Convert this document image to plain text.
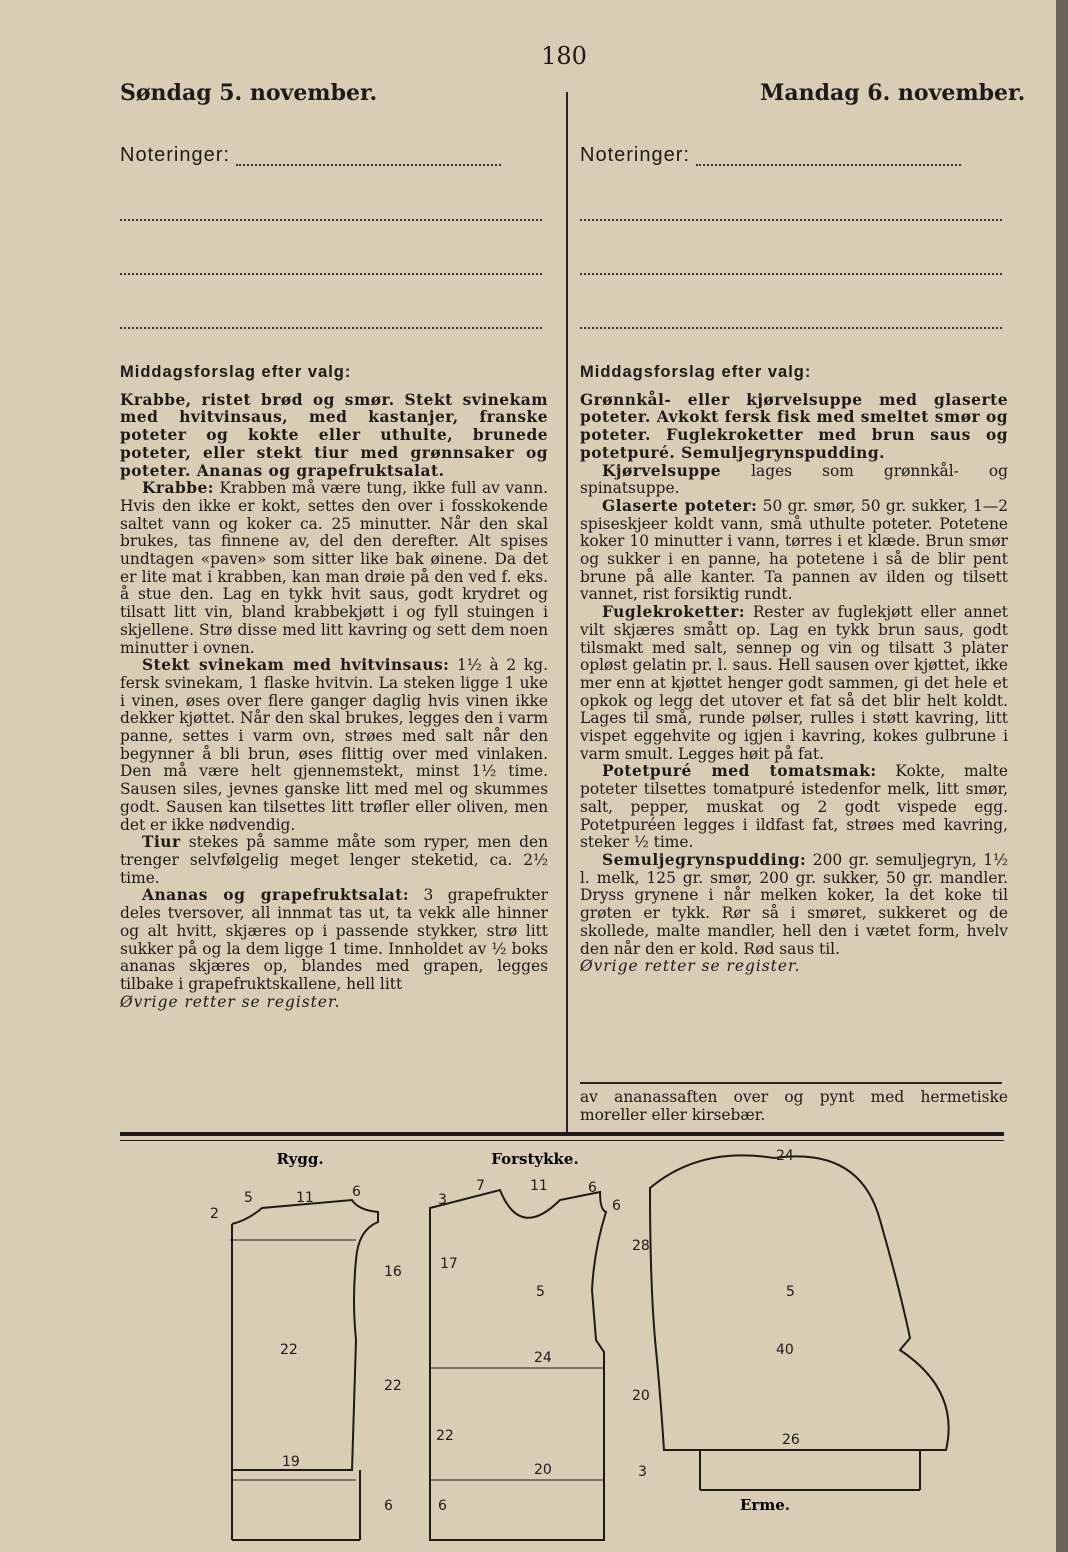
180
Søndag 5. november.	Mandag 6. november.
Noteringer:	Noteringer:
Middagsforslag efter valg:

Krabbe, ristet brød og smør. Stekt svinekam med hvitvinsaus, med kastanjer, franske poteter og kokte eller uthulte, brunede poteter, eller stekt tiur med grønnsaker og poteter. Ananas og grapefruktsalat.

Krabbe: Krabben må være tung, ikke full av vann. Hvis den ikke er kokt, settes den over i fosskokende saltet vann og koker ca. 25 minutter. Når den skal brukes, tas finnene av, del den derefter. Alt spises undtagen «paven» som sitter like bak øinene. Da det er lite mat i krabben, kan man drøie på den ved f. eks. å stue den. Lag en tykk hvit saus, godt krydret og tilsatt litt vin, bland krabbekjøtt i og fyll stuingen i skjellene. Strø disse med litt kavring og sett dem noen minutter i ovnen.

Stekt svinekam med hvitvinsaus: 1½ à 2 kg. fersk svinekam, 1 flaske hvitvin. La steken ligge 1 uke i vinen, øses over flere ganger daglig hvis vinen ikke dekker kjøttet. Når den skal brukes, legges den i varm panne, settes i varm ovn, strøes med salt når den begynner å bli brun, øses flittig over med vinlaken. Den må være helt gjennemstekt, minst 1½ time. Sausen siles, jevnes ganske litt med mel og skummes godt. Sausen kan tilsettes litt trøfler eller oliven, men det er ikke nødvendig.

Tiur stekes på samme måte som ryper, men den trenger selvfølgelig meget lenger steketid, ca. 2½ time.

Ananas og grapefruktsalat: 3 grapefrukter deles tversover, all innmat tas ut, ta vekk alle hinner og alt hvitt, skjæres op i passende stykker, strø litt sukker på og la dem ligge 1 time. Innholdet av ½ boks ananas skjæres op, blandes med grapen, legges tilbake i grapefruktskallene, hell litt

Øvrige retter se register.

Middagsforslag efter valg:

Grønnkål- eller kjørvelsuppe med glaserte poteter. Avkokt fersk fisk med smeltet smør og poteter. Fuglekroketter med brun saus og potetpuré. Semuljegrynspudding.

Kjørvelsuppe lages som grønnkål- og spinatsuppe.

Glaserte poteter: 50 gr. smør, 50 gr. sukker, 1—2 spiseskjeer koldt vann, små uthulte poteter. Potetene koker 10 minutter i vann, tørres i et klæde. Brun smør og sukker i en panne, ha potetene i så de blir pent brune på alle kanter. Ta pannen av ilden og tilsett vannet, rist forsiktig rundt.

Fuglekroketter: Rester av fuglekjøtt eller annet vilt skjæres smått op. Lag en tykk brun saus, godt tilsmakt med salt, sennep og vin og tilsatt 3 plater opløst gelatin pr. l. saus. Hell sausen over kjøttet, ikke mer enn at kjøttet henger godt sammen, gi det hele et opkok og legg det utover et fat så det blir helt koldt. Lages til små, runde pølser, rulles i støtt kavring, litt vispet eggehvite og igjen i kavring, kokes gulbrune i varm smult. Legges høit på fat.

Potetpuré med tomatsmak: Kokte, malte poteter tilsettes tomatpuré istedenfor melk, litt smør, salt, pepper, muskat og 2 godt vispede egg. Potetpuréen legges i ildfast fat, strøes med kavring, steker ½ time.

Semuljegrynspudding: 200 gr. semuljegryn, 1½ l. melk, 125 gr. smør, 200 gr. sukker, 50 gr. mandler. Dryss grynene i når melken koker, la det koke til grøten er tykk. Rør så i smøret, sukkeret og de skollede, malte mandler, hell den i vætet form, hvelv den når den er kold. Rød saus til.

Øvrige retter se register.

av ananassaften over og pynt med hermetiske moreller eller kirsebær.
Rygg.	Forstykke.
Erme.
5	11	6
2
16
22
22
19
6
7	11	6
3	6
17
5
24
22
20
6
24
28
5
40
20
26
3
